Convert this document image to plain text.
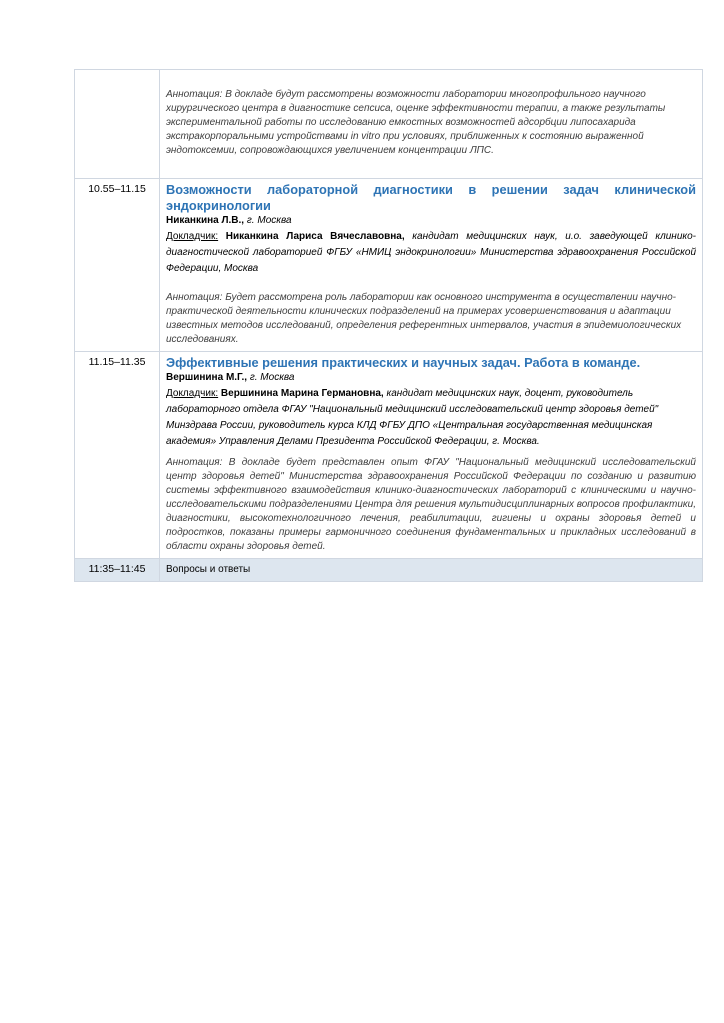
	Аннотация: В докладе будут рассмотрены возможности лаборатории многопрофильного научного хирургического центра в диагностике сепсиса, оценке эффективности терапии, а также результаты экспериментальной работы по исследованию емкостных возможностей адсорбции липосахарида экстракорпоральными устройствами in vitro при условиях, приближенных к состоянию выраженной эндотоксемии, сопровождающихся увеличением концентрации ЛПС.

10.55–11.15	Возможности лабораторной диагностики в решении задач клинической эндокринологии

Никанкина Л.В., г. Москва

Докладчик: Никанкина Лариса Вячеславовна, кандидат медицинских наук, и.о. заведующей клинико-диагностической лабораторией ФГБУ «НМИЦ эндокринологии» Министерства здравоохранения Российской Федерации, Москва

Аннотация: Будет рассмотрена роль лаборатории как основного инструмента в осуществлении научно-практической деятельности клинических подразделений на примерах усовершенствования и адаптации известных методов исследований, определения референтных интервалов, участия в эпидемиологических исследованиях.

11.15–11.35	Эффективные решения практических и научных задач. Работа в команде.

Вершинина М.Г., г. Москва

Докладчик: Вершинина Марина Германовна, кандидат медицинских наук, доцент, руководитель лабораторного отдела ФГАУ "Национальный медицинский исследовательский центр здоровья детей" Минздрава России, руководитель курса КЛД ФГБУ ДПО «Центральная государственная медицинская академия» Управления Делами Президента Российской Федерации, г. Москва.

Аннотация: В докладе будет представлен опыт ФГАУ "Национальный медицинский исследовательский центр здоровья детей" Министерства здравоохранения Российской Федерации по созданию и развитию системы эффективного взаимодействия клинико-диагностических лабораторий с клиническими и научно-исследовательскими подразделениями Центра для решения мультидисциплинарных вопросов профилактики, диагностики, высокотехнологичного лечения, реабилитации, гигиены и охраны здоровья детей и подростков, показаны примеры гармоничного соединения фундаментальных и прикладных исследований в области охраны здоровья детей.

11:35–11:45	Вопросы и ответы
